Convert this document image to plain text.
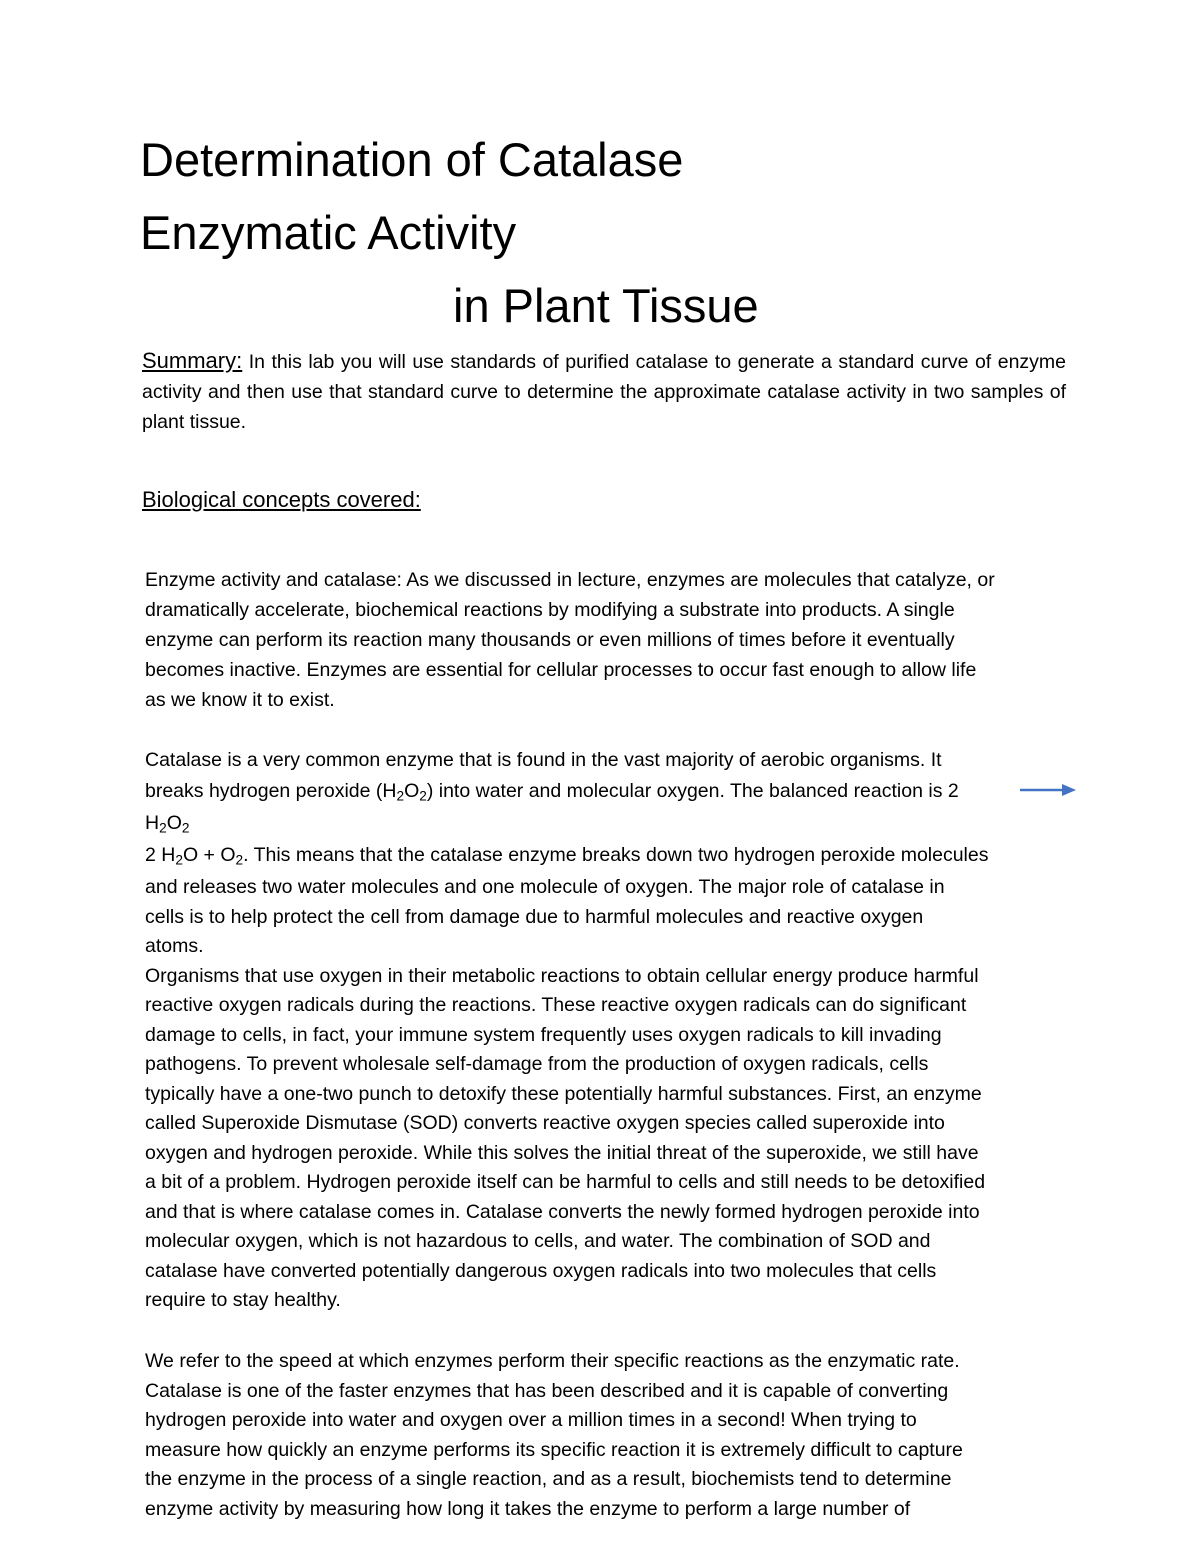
Determination of Catalase
Enzymatic Activity
in Plant Tissue
Summary: In this lab you will use standards of purified catalase to generate a standard curve of enzyme activity and then use that standard curve to determine the approximate catalase activity in two samples of plant tissue.
Biological concepts covered:
Enzyme activity and catalase: As we discussed in lecture, enzymes are molecules that catalyze, or
dramatically accelerate, biochemical reactions by modifying a substrate into products. A single
enzyme can perform its reaction many thousands or even millions of times before it eventually
becomes inactive. Enzymes are essential for cellular processes to occur fast enough to allow life
as we know it to exist.
Catalase is a very common enzyme that is found in the vast majority of aerobic organisms. It
breaks hydrogen peroxide $(H_2O_2)$ into water and molecular oxygen. The balanced reaction is 2
$H_2O_2$
2 $H_2O + O_2$. This means that the catalase enzyme breaks down two hydrogen peroxide molecules
and releases two water molecules and one molecule of oxygen. The major role of catalase in
cells is to help protect the cell from damage due to harmful molecules and reactive oxygen
atoms.
Organisms that use oxygen in their metabolic reactions to obtain cellular energy produce harmful
reactive oxygen radicals during the reactions. These reactive oxygen radicals can do significant
damage to cells, in fact, your immune system frequently uses oxygen radicals to kill invading
pathogens. To prevent wholesale self-damage from the production of oxygen radicals, cells
typically have a one-two punch to detoxify these potentially harmful substances. First, an enzyme
called Superoxide Dismutase (SOD) converts reactive oxygen species called superoxide into
oxygen and hydrogen peroxide. While this solves the initial threat of the superoxide, we still have
a bit of a problem. Hydrogen peroxide itself can be harmful to cells and still needs to be detoxified
and that is where catalase comes in. Catalase converts the newly formed hydrogen peroxide into
molecular oxygen, which is not hazardous to cells, and water. The combination of SOD and
catalase have converted potentially dangerous oxygen radicals into two molecules that cells
require to stay healthy.
We refer to the speed at which enzymes perform their specific reactions as the enzymatic rate.
Catalase is one of the faster enzymes that has been described and it is capable of converting
hydrogen peroxide into water and oxygen over a million times in a second! When trying to
measure how quickly an enzyme performs its specific reaction it is extremely difficult to capture
the enzyme in the process of a single reaction, and as a result, biochemists tend to determine
enzyme activity by measuring how long it takes the enzyme to perform a large number of
